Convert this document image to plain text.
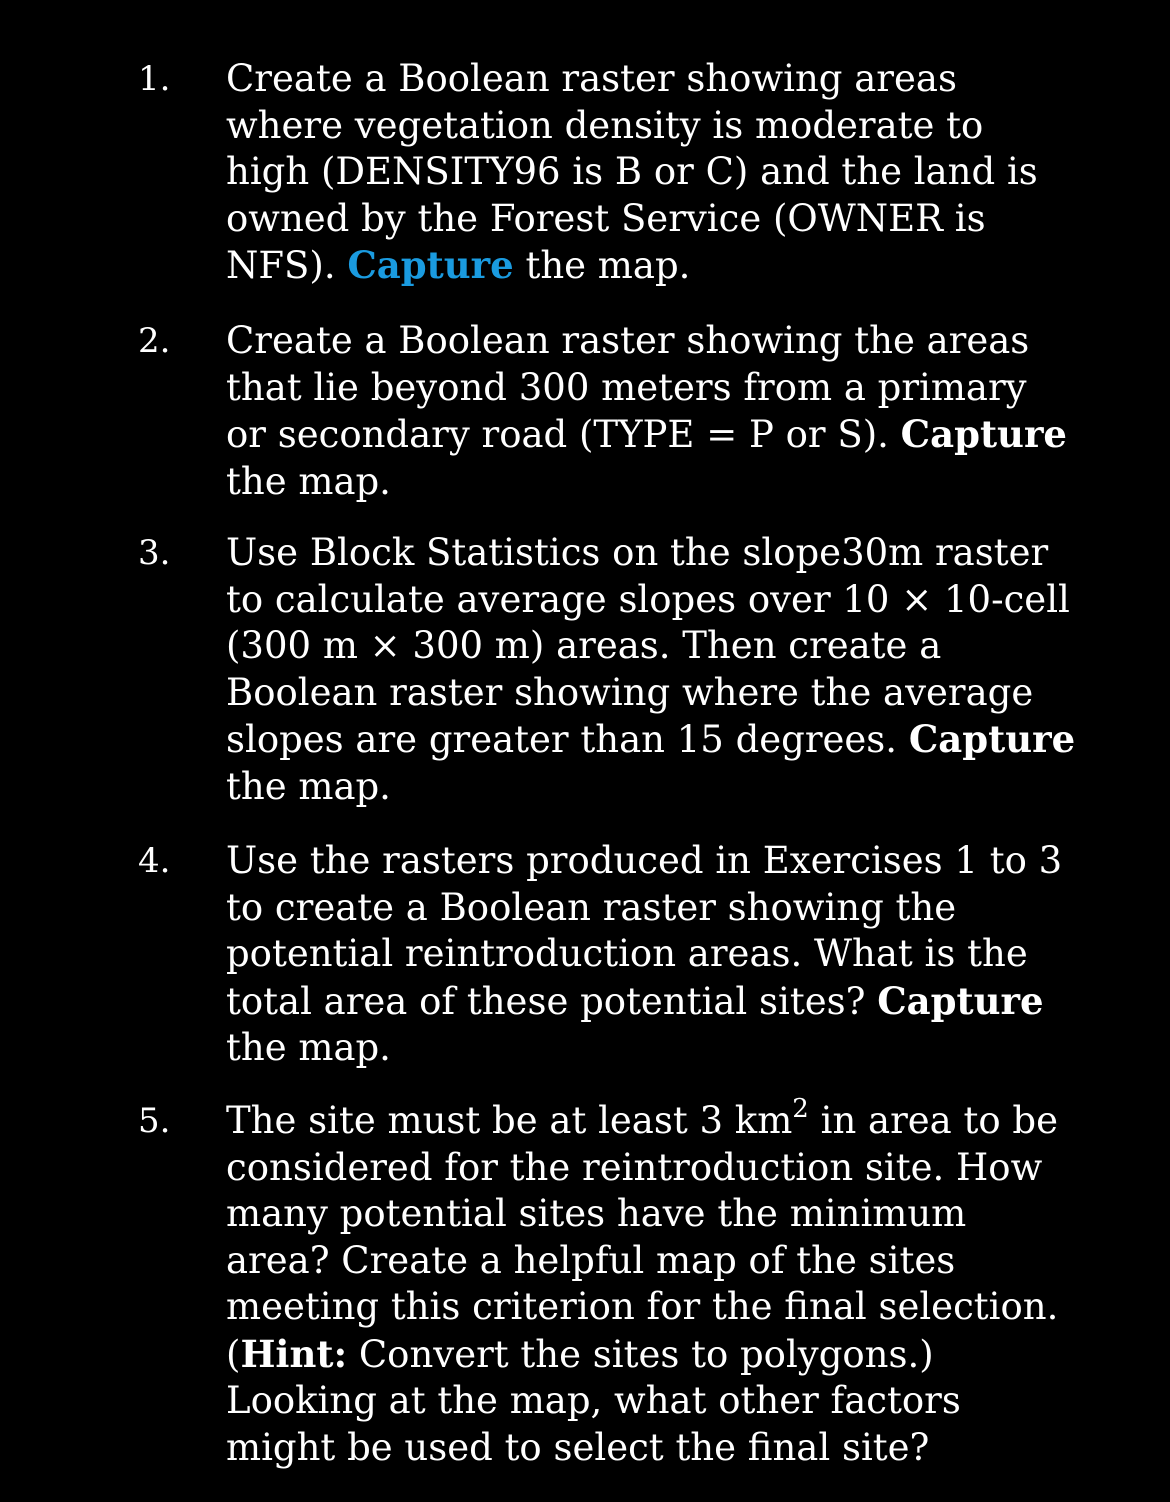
1. Create a Boolean raster showing areas
where vegetation density is moderate to
high (DENSITY96 is B or C) and the land is
owned by the Forest Service (OWNER is
NFS). Capture the map.
2. Create a Boolean raster showing the areas
that lie beyond 300 meters from a primary
or secondary road (TYPE = P or S). Capture
the map.
3. Use Block Statistics on the slope30m raster
to calculate average slopes over 10 × 10-cell
(300 m × 300 m) areas. Then create a
Boolean raster showing where the average
slopes are greater than 15 degrees. Capture
the map.
4. Use the rasters produced in Exercises 1 to 3
to create a Boolean raster showing the
potential reintroduction areas. What is the
total area of these potential sites? Capture
the map.
5. The site must be at least 3 $km^2$ in area to be
considered for the reintroduction site. How
many potential sites have the minimum
area? Create a helpful map of the sites
meeting this criterion for the final selection.
(Hint: Convert the sites to polygons.)
Looking at the map, what other factors
might be used to select the final site?
